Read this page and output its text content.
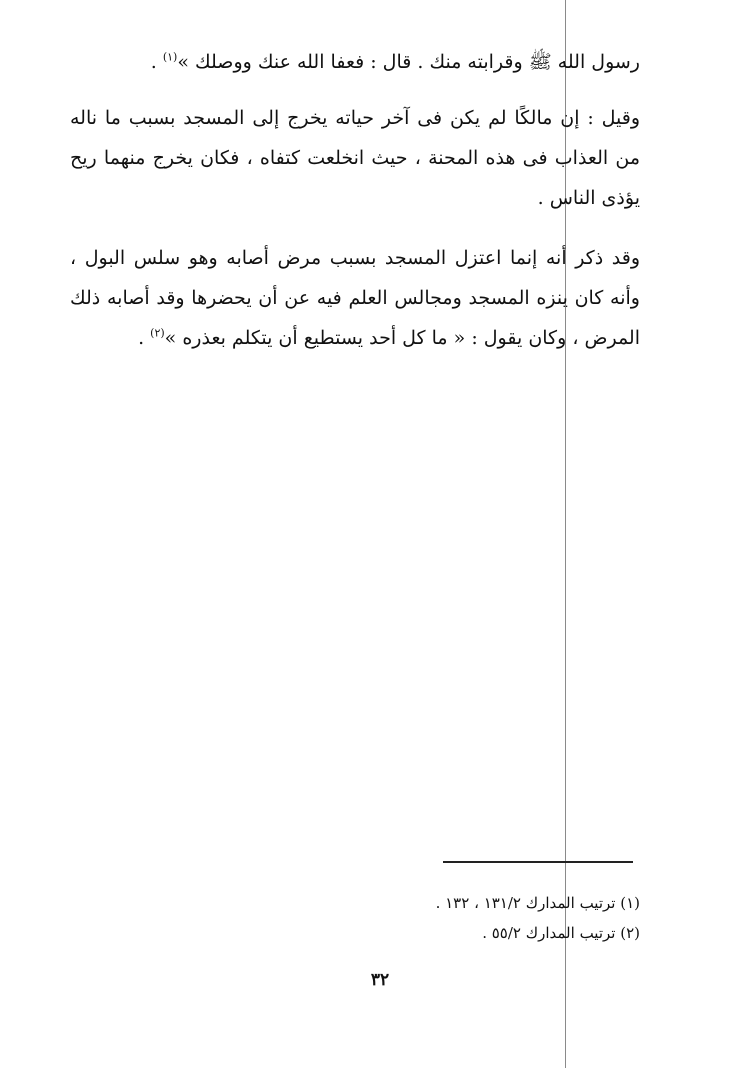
رسول الله ﷺ وقرابته منك . قال : فعفا الله عنك ووصلك »$^{(١)}$ .
وقيل : إن مالكًا لم يكن فى آخر حياته يخرج إلى المسجد بسبب ما ناله
من العذاب فى هذه المحنة ، حيث انخلعت كتفاه ، فكان يخرج منهما ريح
يؤذى الناس .
وقد ذكر أنه إنما اعتزل المسجد بسبب مرض أصابه وهو سلس البول ،
وأنه كان ينزه المسجد ومجالس العلم فيه عن أن يحضرها وقد أصابه ذلك
المرض ، وكان يقول : « ما كل أحد يستطيع أن يتكلم بعذره »$^{(٢)}$ .
(١) ترتيب المدارك ١٣١/٢ ، ١٣٢ .
(٢) ترتيب المدارك ٥٥/٢ .
٣٢
